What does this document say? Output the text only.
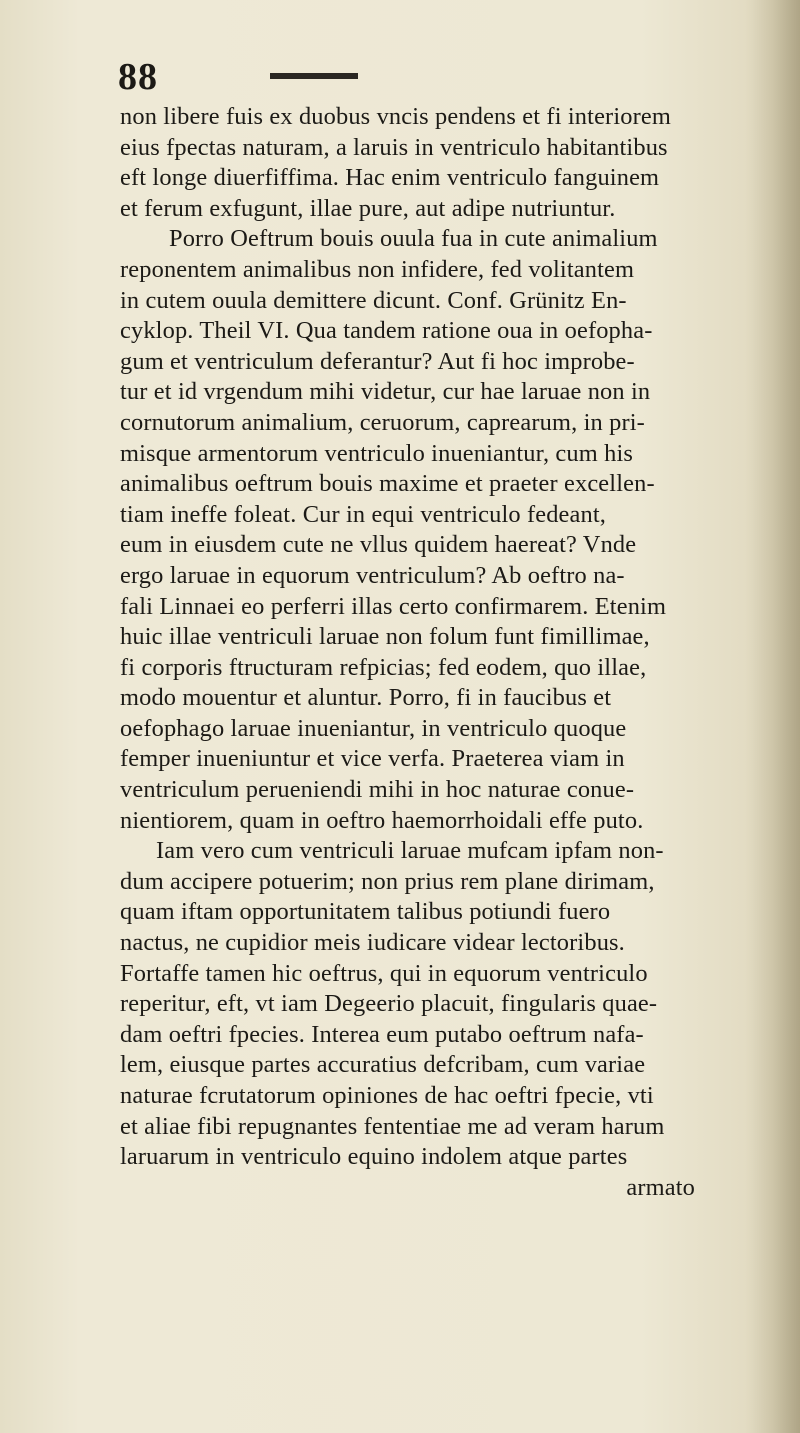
88
non libere fuis ex duobus vncis pendens et fi interiorem
eius fpectas naturam, a laruis in ventriculo habitantibus
eft longe diuerfiffima. Hac enim ventriculo fanguinem
et ferum exfugunt, illae pure, aut adipe nutriuntur.
Porro Oeftrum bouis ouula fua in cute animalium
reponentem animalibus non infidere, fed volitantem
in cutem ouula demittere dicunt. Conf. Grünitz En-
cyklop. Theil VI. Qua tandem ratione oua in oefopha-
gum et ventriculum deferantur? Aut fi hoc improbe-
tur et id vrgendum mihi videtur, cur hae laruae non in
cornutorum animalium, ceruorum, caprearum, in pri-
misque armentorum ventriculo inueniantur, cum his
animalibus oeftrum bouis maxime et praeter excellen-
tiam ineffe foleat. Cur in equi ventriculo fedeant,
eum in eiusdem cute ne vllus quidem haereat? Vnde
ergo laruae in equorum ventriculum? Ab oeftro na-
fali Linnaei eo perferri illas certo confirmarem. Etenim
huic illae ventriculi laruae non folum funt fimillimae,
fi corporis ftructuram refpicias; fed eodem, quo illae,
modo mouentur et aluntur. Porro, fi in faucibus et
oefophago laruae inueniantur, in ventriculo quoque
femper inueniuntur et vice verfa. Praeterea viam in
ventriculum perueniendi mihi in hoc naturae conue-
nientiorem, quam in oeftro haemorrhoidali effe puto.
Iam vero cum ventriculi laruae mufcam ipfam non-
dum accipere potuerim; non prius rem plane dirimam,
quam iftam opportunitatem talibus potiundi fuero
nactus, ne cupidior meis iudicare videar lectoribus.
Fortaffe tamen hic oeftrus, qui in equorum ventriculo
reperitur, eft, vt iam Degeerio placuit, fingularis quae-
dam oeftri fpecies. Interea eum putabo oeftrum nafa-
lem, eiusque partes accuratius defcribam, cum variae
naturae fcrutatorum opiniones de hac oeftri fpecie, vti
et aliae fibi repugnantes fententiae me ad veram harum
laruarum in ventriculo equino indolem atque partes
armato
